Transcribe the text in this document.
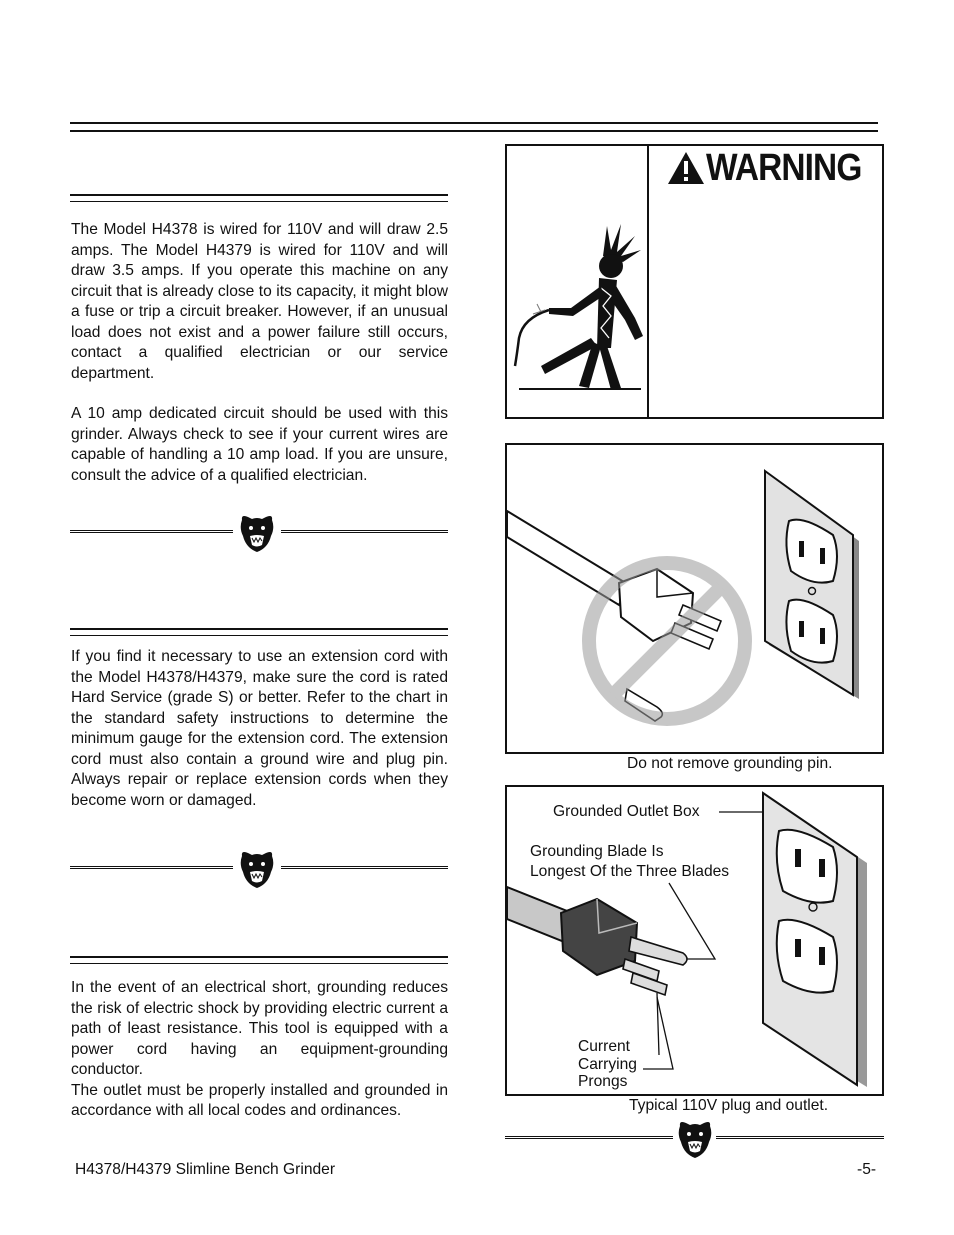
The Model H4378 is wired for 110V and will draw 2.5 amps. The Model H4379 is wired for 110V and will draw 3.5 amps. If you operate this machine on any circuit that is already close to its capacity, it might blow a fuse or trip a circuit breaker. However, if an unusual load does not exist and a power failure still occurs, contact a qualified electrician or our service department.

A 10 amp dedicated circuit should be used with this grinder. Always check to see if your current wires are capable of handling a 10 amp load. If you are unsure, consult the advice of a qualified electrician.

If you find it necessary to use an extension cord with the Model H4378/H4379, make sure the cord is rated Hard Service (grade S) or better. Refer to the chart in the standard safety instructions to determine the minimum gauge for the extension cord. The extension cord must also contain a ground wire and plug pin. Always repair or replace extension cords when they become worn or damaged.

In the event of an electrical short, grounding reduces the risk of electric shock by providing electric current a path of least resistance. This tool is equipped with a power cord having an equipment-grounding conductor.

The outlet must be properly installed and grounded in accordance with all local codes and ordinances.

WARNING
Do not remove grounding pin.
Grounded Outlet Box
Grounding Blade Is
Longest Of the Three Blades
Current
Carrying
Prongs
Typical 110V plug and outlet.
H4378/H4379 Slimline Bench Grinder	-5-
